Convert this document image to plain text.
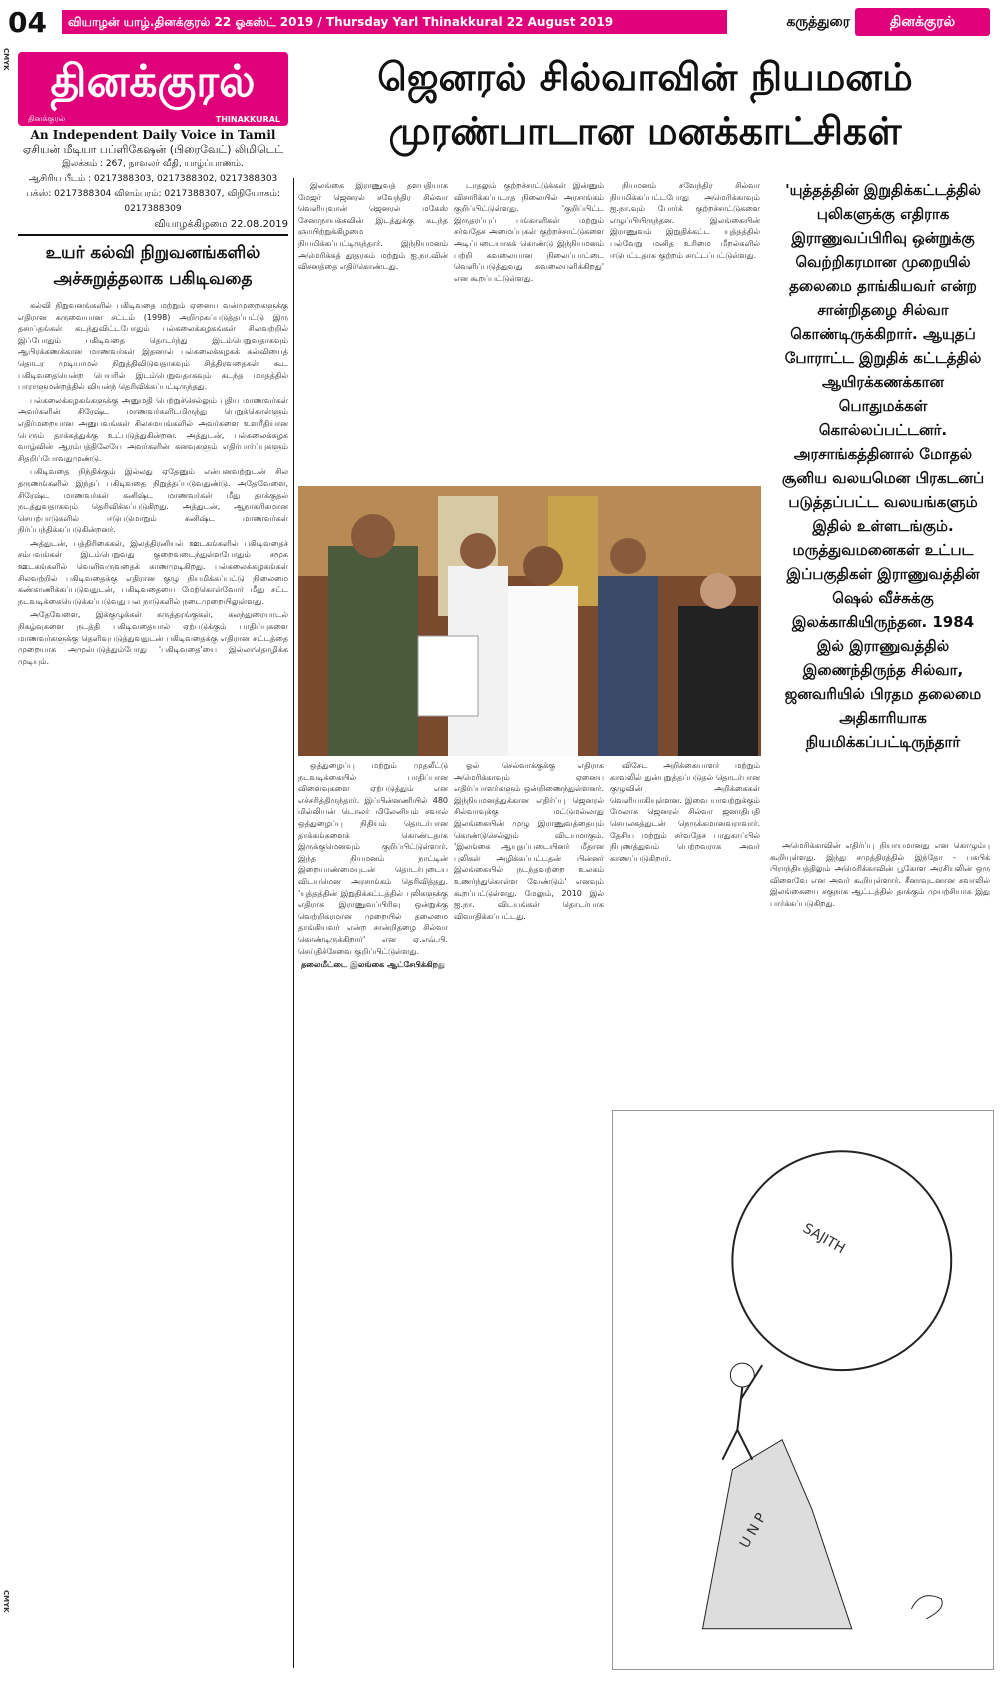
04	வியாழன் யாழ்.தினக்குரல் 22 ஓகஸ்ட் 2019 / Thursday Yarl Thinakkural 22 August 2019	கருத்துரை	தினக்குரல்
CMYK
CMYK
தினக்குரல்
தினக்குரல்	THINAKKURAL
An Independent Daily Voice in Tamil
ஏசியன் மீடியா பப்ளிகேஷன் (பிரைவேட்) லிமிடெட்
இலக்கம் : 267, நாவலர் வீதி, யாழ்ப்பாணம்.
ஆசிரிய பீடம் : 0217388303, 0217388302, 0217388303
பக்ஸ்: 0217388304 விளம்பரம்: 0217388307, விநியோகம்: 0217388309
வியாழக்கிழமை 22.08.2019
ஜெனரல் சில்வாவின் நியமனம்
முரண்பாடான மனக்காட்சிகள்
உயர் கல்வி நிறுவனங்களில்
அச்சுறுத்தலாக பகிடிவதை

கல்வி நிறுவனங்களில் பகிடிவதை மற்றும் ஏனைய வன்முறைகளுக்கு எதிரான சுருவையான சட்டம் (1998) அறிமுகப்படுத்தப்பட்டு இரு தசாப்தங்கள் கடந்துவிட்டபோதும் பல்கலைக்கழகங்கள் சிலவற்றில் இப்போதும் பகிடிவதை தொடர்ந்து இடம்பெறுவதாகவும் ஆபிரக்கணக்கான மாணவர்கள் இதனால் பல்கலைக்கழகக் கல்வியைத் தொடர முடியாமல் நிறுத்திவிடுவதாகவும் சித்திரவதைகள் கூட பகிடிவதையென்ற பெயரில் இடம்பெறுவதாகவும் கடந்த மாதத்தில் பாராளுமன்றத்தில் வியன்ந் தெரிவிக்கப்பட்டிருந்தது.

பல்கலைக்கழகங்களுக்கு அனுமதி பெற்றுச்செல்லும் புதிய மாணவர்கள் அவர்களின் சிரேஷ்ட மாணவர்களிடமிருந்து பெறுக்கொள்ளும் எதிர்மறையான அனுபவங்கள் சிலசமயங்களில் அவர்களை உளரீதியான பெரும் தாக்கத்துக்கு உட்படுத்துகின்றன. அத்துடன், பல்கலைக்கழக வாழ்வின் ஆரம்பத்திலேயே அவர்களின் கனவுகளும் எதிர்பார்ப்புகளும் சிதறிப்போவதுமுண்டு.

பகிடிவதை நிந்திக்கும் இல்லது ஏதேனும் என்பனவற்றுடன் சில தருணங்களில் இந்தப் பகிடிவதை நிறுத்தப்படுவதுண்டு. அதேவேளை, சிரேஷ்ட மாணவர்கள் கனிஷ்ட மாணவர்கள் மீது தாக்குதல் நடத்துவதாகவும் தெரிவிக்கப்படுகிறது. அத்துடன், ஆநாகரிகமான செயற்பாடுகளில் ஈடுபடுமாறும் கனிஷ்ட மாணவர்கள் நிர்ப்பந்திக்கப்படுகின்றனர்.

அத்துடன், பத்திரிகைகள், இலத்திரனியல் ஊடகங்களில் பகிடிவதைச் சம்பவங்கள் இடம்பெறுவது குறைவடைந்துள்ளபோதும் சமூக ஊடகங்களில் வெளிவருவதைக் காணமுடிகிறது. பல்கலைக்கழகங்கள் சிலவற்றில் பகிடிவதைக்கு எதிரான குழு நியமிக்கப்பட்டு நிலைமை கண்காணிக்கப்படுவதுடன், பகிடிவதையை மேற்கொள்வோர் மீது சட்ட நடவடிக்கையெடுக்கப்படுவது பல நாடுகளில் நடைமுறையிலுள்ளது.

அதேவேளை, இக்குழுக்கள் கருத்தரங்குகள், கலந்துரையாடல் நிகழ்வுகளை நடத்தி பகிடிவதையால் ஏற்படுக்கும் பாதிப்புகளை மாணவர்களுக்கு தெளிவுபடுத்துவதுடன் பகிடிவதைக்கு எதிரான சட்டத்தை முறையாக அமுல்படுத்தும்போது 'பகிடிவதை'யை இல்லாதொழிக்க முடியும்.

இலங்கை இராணுவத் தளபதியாக மேஜர் ஜெனரல் சவேந்திர சில்வா வெளியுவான் ஜெனரல் மகேஸ் சேனாநாயக்கவின் இடத்துக்கு கடந்த ஞாயிற்றுக்கிழமை நியமிக்கப்பட்டிருந்தார். இந்நியமனம் அமெரிக்கத் தூதரகம் மற்றும் ஐ.நா.வின் விசனத்தை எதிர்கொண்டது.

டாதலும் குற்றச்சாட்டுக்கள் இன்னும் விசாரிக்கப்படாத நிலையில் அரசாங்கம் குறிப்பிட்டுள்ளது. 'குறிப்பிட்ட இருதரப்புப் பங்காளிகள் மற்றும் சர்வதேச அமைப்புகள் குற்றச்சாட்டுகளை அடிப்படையாகக் கொண்டு இந்நியமனம் பற்றி கவலையான நிலைப்பாட்டை வெளிப்படுத்துவது கவலையளிக்கிறது' என கூறப்பட்டுள்ளது.

நியமனம் சவேந்திர சில்வா நியமிக்கப்பட்டபோது அமெரிக்காவும் ஐ.நா.வும் போர்க் குற்றச்சாட்டுகளை எழுப்பியிருந்தன. இலங்கையின் இராணுவம் இறுதிக்கட்ட யுத்தத்தில் பல்வேறு மனித உரிமை மீறல்களில் ஈடுபட்டதாக குற்றம் சாட்டப்பட்டுள்ளது.

'யுத்தத்தின் இறுதிக்கட்டத்தில் புலிகளுக்கு எதிராக இராணுவப்பிரிவு ஒன்றுக்கு வெற்றிகரமான முறையில் தலைமை தாங்கியவர் என்ற சான்றிதழை சில்வா கொண்டிருக்கிறார். ஆயுதப் போராட்ட இறுதிக் கட்டத்தில் ஆயிரக்கணக்கான பொதுமக்கள் கொல்லப்பட்டனர். அரசாங்கத்தினால் மோதல் சூனிய வலயமென பிரகடனப் படுத்தப்பட்ட வலயங்களும் இதில் உள்ளடங்கும். மருத்துவமனைகள் உட்பட இப்பகுதிகள் இராணுவத்தின் ஷெல் வீச்சுக்கு இலக்காகியிருந்தன. 1984 இல் இராணுவத்தில் இணைந்திருந்த சில்வா, ஜனவரியில் பிரதம தலைமை அதிகாரியாக நியமிக்கப்பட்டிருந்தார்

ஒத்துழைப்பு மற்றும் முதலீட்டு நடவடிக்கையில் பாதிப்பான விளைவுகளை ஏற்படுத்தும் என எச்சரித்திருந்தார். இப்பின்னணியில் 480 மில்லியன் டொலர் மிலேனியம் சவால் ஒத்துழைப்பு நிதியம் தொடர்பான தாக்கங்களைக் கொண்டதாக இருக்குமெனவும் குறிப்பிட்டுள்ளார். இந்த நியமனம் நாட்டின் இறையாண்மையுடன் தொடர்புடைய விடயமென அரசாங்கம் தெரிவித்தது. 'யுத்தத்தின் இறுதிக்கட்டத்தில் புலிகளுக்கு எதிராக இராணுவப்பிரிவு ஒன்றுக்கு வெற்றிகரமான முறையில் தலைமை தாங்கியவர் என்ற சான்றிதழை சில்வா கொண்டிருக்கிறார்' என ஏ.எவ்.பி. செய்திச்சேவை குறிப்பிட்டுள்ளது.

தலைமீட்டை இலங்கை ஆட்சேபிக்கிறது

ஓல் செல்வாக்குக்கு எதிராக அமெரிக்காவும் ஏனைய எதிர்ப்பாளர்களும் ஒன்றிணைந்துள்ளனர். இந்நியமனத்துக்கான எதிர்ப்பு ஜெனரல் சில்வாவுக்கு மட்டுமல்லாது இலங்கையின் முழு இராணுவத்தையும் கொண்டுசெல்லும் விடயமாகும். 'இலங்கை ஆயுதப்படையினர் மீதான புலிகள் அழிக்கப்பட்டதன் பின்னர் இலங்கையில் நடந்தவற்றை உலகம் உணர்ந்துகொள்ள வேண்டும்' எனவும் கூறப்பட்டுள்ளது. மேலும், 2010 இல் ஐ.நா. விடயங்கள் தொடர்பாக விவாதிக்கப்பட்டது.

விசேட அறிக்கையாளர் மற்றும் காவலில் துன்புறுத்தப்படுதல் தொடர்பான குழுவின் அறிக்கைகள் வெளியாகியுள்ளன. இவை யாவற்றுக்கும் மேலாக ஜெனரல் சில்வா ஜனாதிபதி செயலகத்துடன் நெருக்கமானவராவார். தேசிய மற்றும் சர்வதேச பாதுகாப்பில் நிபுணத்துவம் பெற்றவராக அவர் காணப்படுகிறார்.

அமெரிக்காவின் எதிர்ப்பு நியாயமானது என கொழும்பு கூறியுள்ளது. இந்து சமுத்திரத்தில் இந்தோ - பசுபிக் பிராந்தியத்திலும் அமெரிக்காவின் பூகோள அரசியலின் ஒரு விளைவே என அவர் கூறியுள்ளார். சீனாவுடனான சவாலில் இலங்கையை சகுநாக ஆட்டத்தில் தாக்கும் முயற்சியாக இது பார்க்கப்படுகிறது.

SAJITH
U N P
